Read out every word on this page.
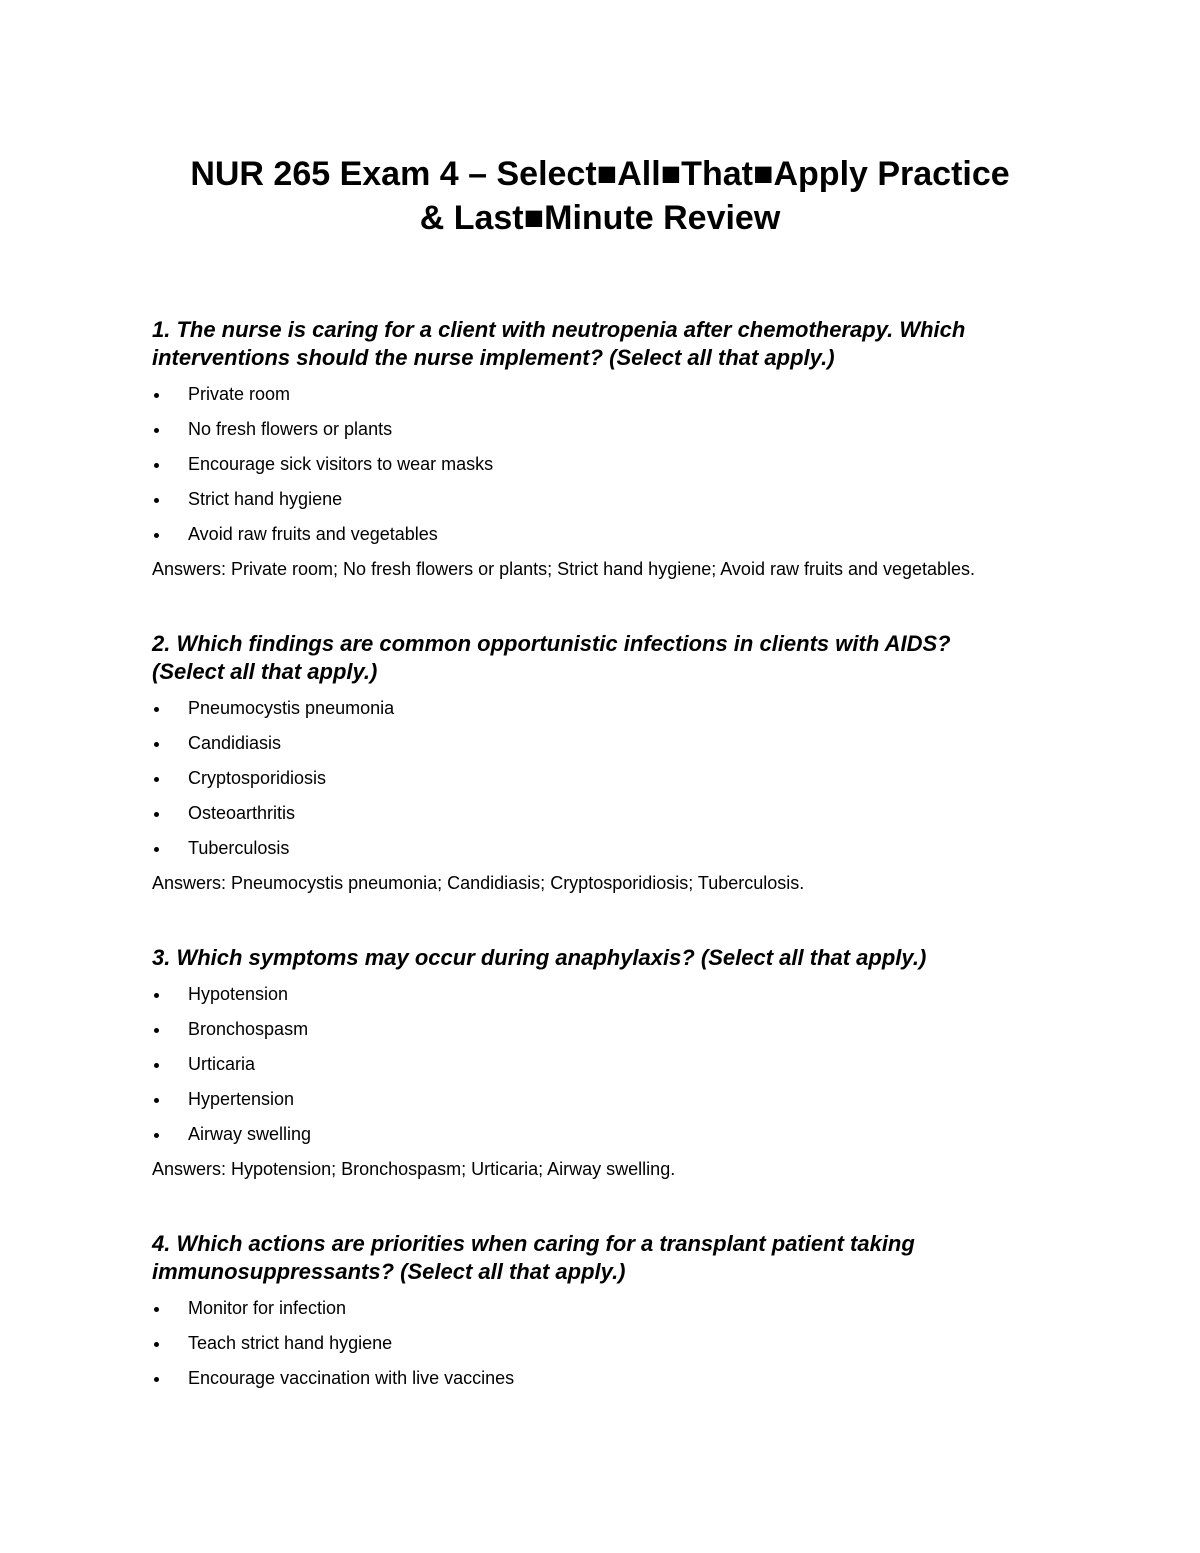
NUR 265 Exam 4 – Select■All■That■Apply Practice
& Last■Minute Review

1. The nurse is caring for a client with neutropenia after chemotherapy. Which
interventions should the nurse implement? (Select all that apply.)

Private room
No fresh flowers or plants
Encourage sick visitors to wear masks
Strict hand hygiene
Avoid raw fruits and vegetables

Answers: Private room; No fresh flowers or plants; Strict hand hygiene; Avoid raw fruits and vegetables.

2. Which findings are common opportunistic infections in clients with AIDS?
(Select all that apply.)

Pneumocystis pneumonia
Candidiasis
Cryptosporidiosis
Osteoarthritis
Tuberculosis

Answers: Pneumocystis pneumonia; Candidiasis; Cryptosporidiosis; Tuberculosis.

3. Which symptoms may occur during anaphylaxis? (Select all that apply.)

Hypotension
Bronchospasm
Urticaria
Hypertension
Airway swelling

Answers: Hypotension; Bronchospasm; Urticaria; Airway swelling.

4. Which actions are priorities when caring for a transplant patient taking
immunosuppressants? (Select all that apply.)

Monitor for infection
Teach strict hand hygiene
Encourage vaccination with live vaccines
